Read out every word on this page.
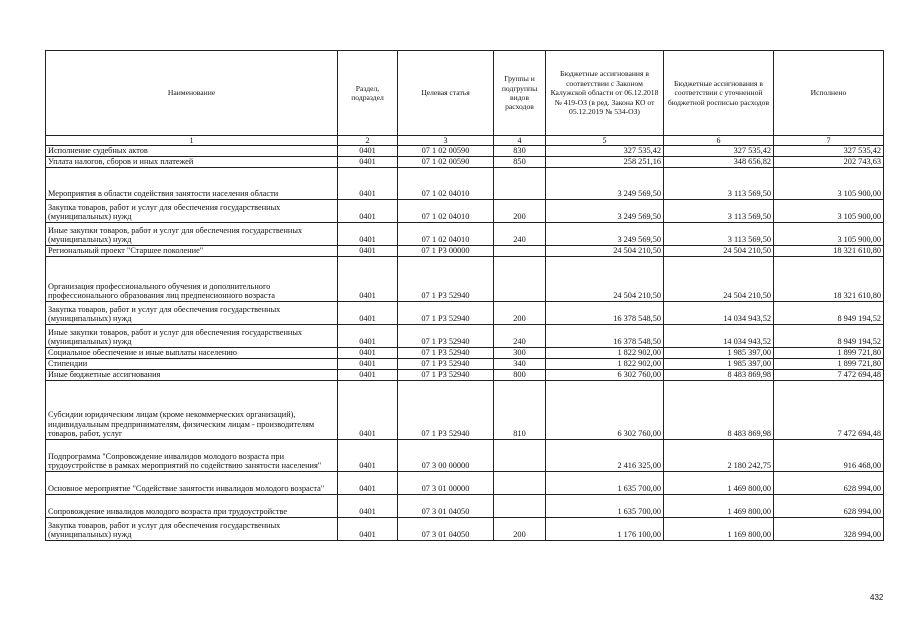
Наименование	Раздел, подраздел	Целевая статья	Группы и подгруппы видов расходов	Бюджетные ассигнования в соответствии с Законом Калужской области от 06.12.2018 № 419-ОЗ (в ред. Закона КО от 05.12.2019 № 534-ОЗ)	Бюджетные ассигнования в соответствии с уточненной бюджетной росписью расходов	Исполнено
1	2	3	4	5	6	7
Исполнение судебных актов	0401	07 1 02 00590	830	327 535,42	327 535,42	327 535,42
Уплата налогов, сборов и иных платежей	0401	07 1 02 00590	850	258 251,16	348 656,82	202 743,63
Мероприятия в области содействия занятости населения области	0401	07 1 02 04010		3 249 569,50	3 113 569,50	3 105 900,00
Закупка товаров, работ и услуг для обеспечения государственных (муниципальных) нужд	0401	07 1 02 04010	200	3 249 569,50	3 113 569,50	3 105 900,00
Иные закупки товаров, работ и услуг для обеспечения государственных (муниципальных) нужд	0401	07 1 02 04010	240	3 249 569,50	3 113 569,50	3 105 900,00
Региональный проект "Старшее поколение"	0401	07 1 P3 00000		24 504 210,50	24 504 210,50	18 321 610,80
Организация профессионального обучения и дополнительного профессионального образования лиц предпенсионного возраста	0401	07 1 P3 52940		24 504 210,50	24 504 210,50	18 321 610,80
Закупка товаров, работ и услуг для обеспечения государственных (муниципальных) нужд	0401	07 1 P3 52940	200	16 378 548,50	14 034 943,52	8 949 194,52
Иные закупки товаров, работ и услуг для обеспечения государственных (муниципальных) нужд	0401	07 1 P3 52940	240	16 378 548,50	14 034 943,52	8 949 194,52
Социальное обеспечение и иные выплаты населению	0401	07 1 P3 52940	300	1 822 902,00	1 985 397,00	1 899 721,80
Стипендии	0401	07 1 P3 52940	340	1 822 902,00	1 985 397,00	1 899 721,80
Иные бюджетные ассигнования	0401	07 1 P3 52940	800	6 302 760,00	8 483 869,98	7 472 694,48
Субсидии юридическим лицам (кроме некоммерческих организаций), индивидуальным предпринимателям, физическим лицам - производителям товаров, работ, услуг	0401	07 1 P3 52940	810	6 302 760,00	8 483 869,98	7 472 694,48
Подпрограмма "Сопровождение инвалидов молодого возраста при трудоустройстве в рамках мероприятий по содействию занятости населения"	0401	07 3 00 00000		2 416 325,00	2 180 242,75	916 468,00
Основное мероприятие "Содействие занятости инвалидов молодого возраста"	0401	07 3 01 00000		1 635 700,00	1 469 800,00	628 994,00
Сопровождение инвалидов молодого возраста при трудоустройстве	0401	07 3 01 04050		1 635 700,00	1 469 800,00	628 994,00
Закупка товаров, работ и услуг для обеспечения государственных (муниципальных) нужд	0401	07 3 01 04050	200	1 176 100,00	1 169 800,00	328 994,00
432
